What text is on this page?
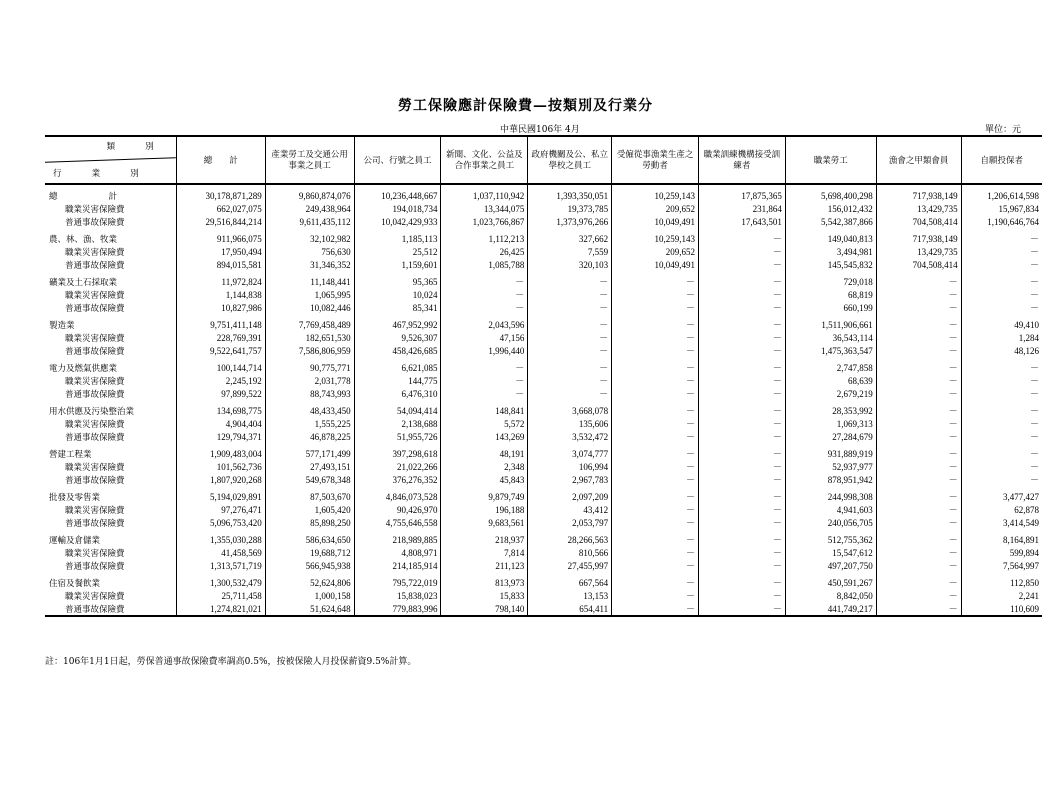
勞工保險應計保險費—按類別及行業分
中華民國106年 4月	單位：元
類 別
行 業 別	總　　計	產業勞工及交通公用事業之員工	公司、行號之員工	新聞、文化、公益及合作事業之員工	政府機關及公、私立學校之員工	受僱從事漁業生產之勞動者	職業訓練機構接受訓練者	職業勞工	漁會之甲類會員	自願投保者
總　　　　　　計	30,178,871,289	9,860,874,076	10,236,448,667	1,037,110,942	1,393,350,051	10,259,143	17,875,365	5,698,400,298	717,938,149	1,206,614,598
職業災害保險費	662,027,075	249,438,964	194,018,734	13,344,075	19,373,785	209,652	231,864	156,012,432	13,429,735	15,967,834
普通事故保險費	29,516,844,214	9,611,435,112	10,042,429,933	1,023,766,867	1,373,976,266	10,049,491	17,643,501	5,542,387,866	704,508,414	1,190,646,764
農、林、漁、牧業	911,966,075	32,102,982	1,185,113	1,112,213	327,662	10,259,143	－	149,040,813	717,938,149	－
職業災害保險費	17,950,494	756,630	25,512	26,425	7,559	209,652	－	3,494,981	13,429,735	－
普通事故保險費	894,015,581	31,346,352	1,159,601	1,085,788	320,103	10,049,491	－	145,545,832	704,508,414	－
礦業及土石採取業	11,972,824	11,148,441	95,365	－	－	－	－	729,018	－	－
職業災害保險費	1,144,838	1,065,995	10,024	－	－	－	－	68,819	－	－
普通事故保險費	10,827,986	10,082,446	85,341	－	－	－	－	660,199	－	－
製造業	9,751,411,148	7,769,458,489	467,952,992	2,043,596	－	－	－	1,511,906,661	－	49,410
職業災害保險費	228,769,391	182,651,530	9,526,307	47,156	－	－	－	36,543,114	－	1,284
普通事故保險費	9,522,641,757	7,586,806,959	458,426,685	1,996,440	－	－	－	1,475,363,547	－	48,126
電力及燃氣供應業	100,144,714	90,775,771	6,621,085	－	－	－	－	2,747,858	－	－
職業災害保險費	2,245,192	2,031,778	144,775	－	－	－	－	68,639	－	－
普通事故保險費	97,899,522	88,743,993	6,476,310	－	－	－	－	2,679,219	－	－
用水供應及污染整治業	134,698,775	48,433,450	54,094,414	148,841	3,668,078	－	－	28,353,992	－	－
職業災害保險費	4,904,404	1,555,225	2,138,688	5,572	135,606	－	－	1,069,313	－	－
普通事故保險費	129,794,371	46,878,225	51,955,726	143,269	3,532,472	－	－	27,284,679	－	－
營建工程業	1,909,483,004	577,171,499	397,298,618	48,191	3,074,777	－	－	931,889,919	－	－
職業災害保險費	101,562,736	27,493,151	21,022,266	2,348	106,994	－	－	52,937,977	－	－
普通事故保險費	1,807,920,268	549,678,348	376,276,352	45,843	2,967,783	－	－	878,951,942	－	－
批發及零售業	5,194,029,891	87,503,670	4,846,073,528	9,879,749	2,097,209	－	－	244,998,308	－	3,477,427
職業災害保險費	97,276,471	1,605,420	90,426,970	196,188	43,412	－	－	4,941,603	－	62,878
普通事故保險費	5,096,753,420	85,898,250	4,755,646,558	9,683,561	2,053,797	－	－	240,056,705	－	3,414,549
運輸及倉儲業	1,355,030,288	586,634,650	218,989,885	218,937	28,266,563	－	－	512,755,362	－	8,164,891
職業災害保險費	41,458,569	19,688,712	4,808,971	7,814	810,566	－	－	15,547,612	－	599,894
普通事故保險費	1,313,571,719	566,945,938	214,185,914	211,123	27,455,997	－	－	497,207,750	－	7,564,997
住宿及餐飲業	1,300,532,479	52,624,806	795,722,019	813,973	667,564	－	－	450,591,267	－	112,850
職業災害保險費	25,711,458	1,000,158	15,838,023	15,833	13,153	－	－	8,842,050	－	2,241
普通事故保險費	1,274,821,021	51,624,648	779,883,996	798,140	654,411	－	－	441,749,217	－	110,609
註：106年1月1日起，勞保普通事故保險費率調高0.5%，按被保險人月投保薪資9.5%計算。
